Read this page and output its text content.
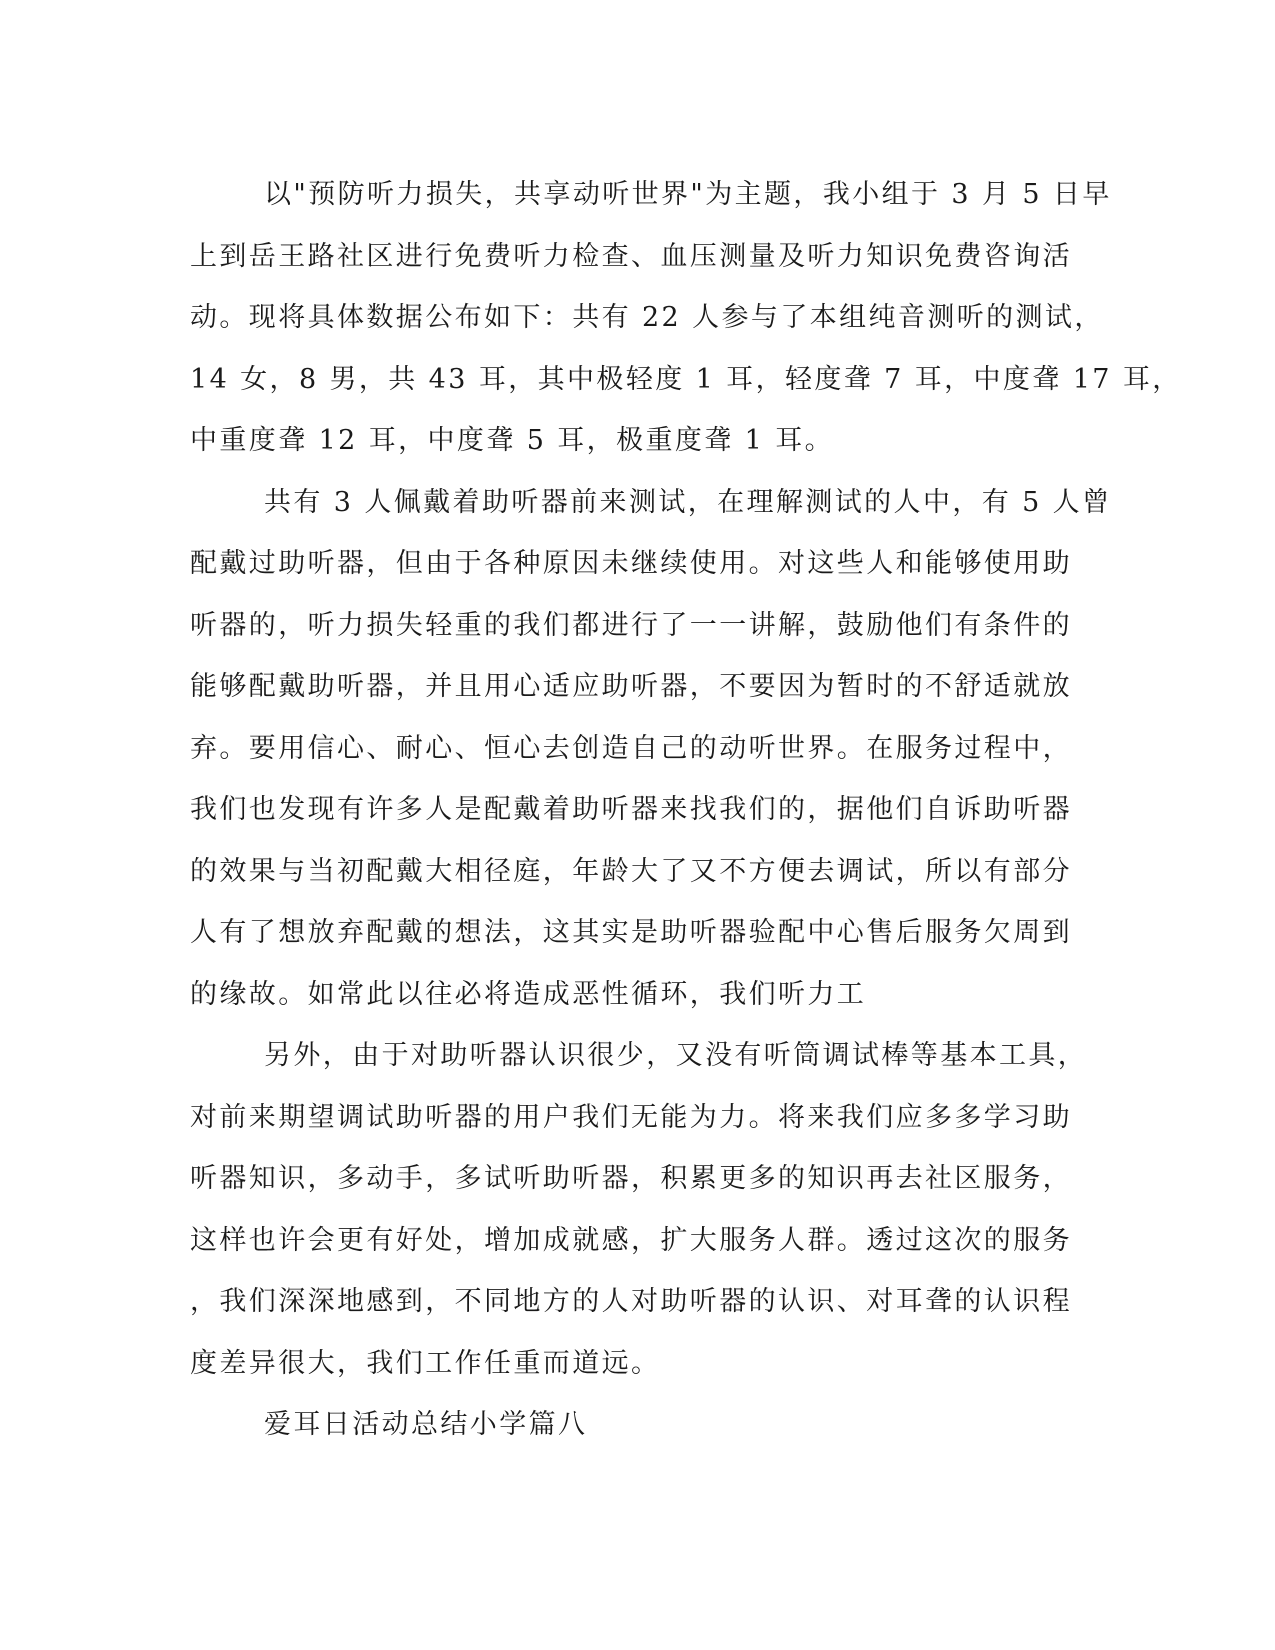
以"预防听力损失，共享动听世界"为主题，我小组于 3 月 5 日早
上到岳王路社区进行免费听力检查、血压测量及听力知识免费咨询活
动。现将具体数据公布如下：共有 22 人参与了本组纯音测听的测试，
14 女，8 男，共 43 耳，其中极轻度 1 耳，轻度聋 7 耳，中度聋 17 耳，
中重度聋 12 耳，中度聋 5 耳，极重度聋 1 耳。
共有 3 人佩戴着助听器前来测试，在理解测试的人中，有 5 人曾
配戴过助听器，但由于各种原因未继续使用。对这些人和能够使用助
听器的，听力损失轻重的我们都进行了一一讲解，鼓励他们有条件的
能够配戴助听器，并且用心适应助听器，不要因为暂时的不舒适就放
弃。要用信心、耐心、恒心去创造自己的动听世界。在服务过程中，
我们也发现有许多人是配戴着助听器来找我们的，据他们自诉助听器
的效果与当初配戴大相径庭，年龄大了又不方便去调试，所以有部分
人有了想放弃配戴的想法，这其实是助听器验配中心售后服务欠周到
的缘故。如常此以往必将造成恶性循环，我们听力工
另外，由于对助听器认识很少，又没有听筒调试棒等基本工具，
对前来期望调试助听器的用户我们无能为力。将来我们应多多学习助
听器知识，多动手，多试听助听器，积累更多的知识再去社区服务，
这样也许会更有好处，增加成就感，扩大服务人群。透过这次的服务
，我们深深地感到，不同地方的人对助听器的认识、对耳聋的认识程
度差异很大，我们工作任重而道远。
爱耳日活动总结小学篇八
